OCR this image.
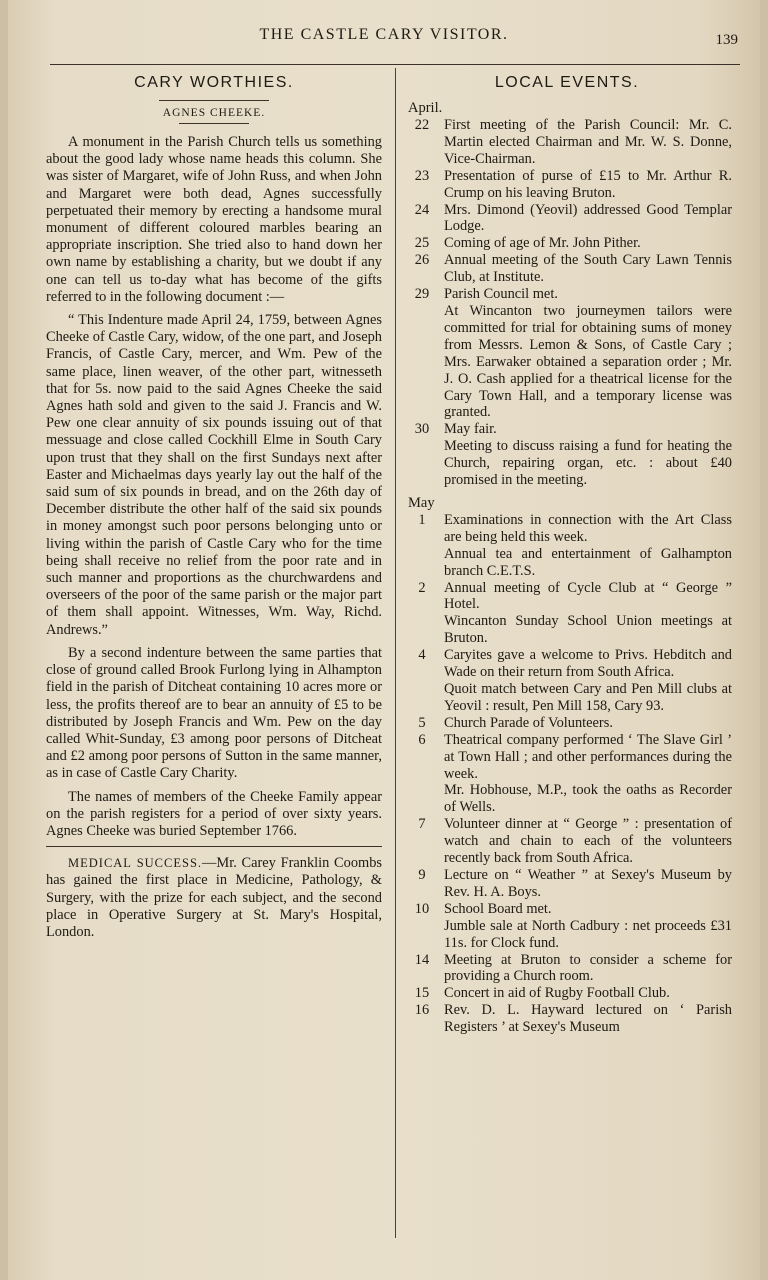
THE CASTLE CARY VISITOR.	139
CARY WORTHIES.
AGNES CHEEKE.

A monument in the Parish Church tells us something about the good lady whose name heads this column. She was sister of Margaret, wife of John Russ, and when John and Margaret were both dead, Agnes successfully perpetuated their memory by erecting a handsome mural monument of different coloured marbles bearing an appropriate inscription. She tried also to hand down her own name by establishing a charity, but we doubt if any one can tell us to-day what has become of the gifts referred to in the following document :—

“ This Indenture made April 24, 1759, between Agnes Cheeke of Castle Cary, widow, of the one part, and Joseph Francis, of Castle Cary, mercer, and Wm. Pew of the same place, linen weaver, of the other part, witnesseth that for 5s. now paid to the said Agnes Cheeke the said Agnes hath sold and given to the said J. Francis and W. Pew one clear annuity of six pounds issuing out of that messuage and close called Cockhill Elme in South Cary upon trust that they shall on the first Sundays next after Easter and Michaelmas days yearly lay out the half of the said sum of six pounds in bread, and on the 26th day of December distribute the other half of the said six pounds in money amongst such poor persons belonging unto or living within the parish of Castle Cary who for the time being shall receive no relief from the poor rate and in such manner and proportions as the churchwardens and overseers of the poor of the same parish or the major part of them shall appoint. Witnesses, Wm. Way, Richd. Andrews.”

By a second indenture between the same parties that close of ground called Brook Furlong lying in Alhampton field in the parish of Ditcheat containing 10 acres more or less, the profits thereof are to bear an annuity of £5 to be distributed by Joseph Francis and Wm. Pew on the day called Whit-Sunday, £3 among poor persons of Ditcheat and £2 among poor persons of Sutton in the same manner, as in case of Castle Cary Charity.

The names of members of the Cheeke Family appear on the parish registers for a period of over sixty years. Agnes Cheeke was buried September 1766.

MEDICAL SUCCESS.—Mr. Carey Franklin Coombs has gained the first place in Medicine, Pathology, & Surgery, with the prize for each subject, and the second place in Operative Surgery at St. Mary's Hospital, London.

LOCAL EVENTS.
April.
22	First meeting of the Parish Council: Mr. C. Martin elected Chairman and Mr. W. S. Donne, Vice-Chairman.
23	Presentation of purse of £15 to Mr. Arthur R. Crump on his leaving Bruton.
24	Mrs. Dimond (Yeovil) addressed Good Templar Lodge.
25	Coming of age of Mr. John Pither.
26	Annual meeting of the South Cary Lawn Tennis Club, at Institute.
29	Parish Council met.
At Wincanton two journeymen tailors were committed for trial for obtaining sums of money from Messrs. Lemon & Sons, of Castle Cary ; Mrs. Earwaker obtained a separation order ; Mr. J. O. Cash applied for a theatrical license for the Cary Town Hall, and a temporary license was granted.
30	May fair.
Meeting to discuss raising a fund for heating the Church, repairing organ, etc. : about £40 promised in the meeting.
May
1	Examinations in connection with the Art Class are being held this week.
Annual tea and entertainment of Galhampton branch C.E.T.S.
2	Annual meeting of Cycle Club at “ George ” Hotel.
Wincanton Sunday School Union meetings at Bruton.
4	Caryites gave a welcome to Privs. Hebditch and Wade on their return from South Africa.
Quoit match between Cary and Pen Mill clubs at Yeovil : result, Pen Mill 158, Cary 93.
5	Church Parade of Volunteers.
6	Theatrical company performed ‘ The Slave Girl ’ at Town Hall ; and other performances during the week.
Mr. Hobhouse, M.P., took the oaths as Recorder of Wells.
7	Volunteer dinner at “ George ” : presentation of watch and chain to each of the volunteers recently back from South Africa.
9	Lecture on “ Weather ” at Sexey's Museum by Rev. H. A. Boys.
10	School Board met.
Jumble sale at North Cadbury : net proceeds £31 11s. for Clock fund.
14	Meeting at Bruton to consider a scheme for providing a Church room.
15	Concert in aid of Rugby Football Club.
16	Rev. D. L. Hayward lectured on ‘ Parish Registers ’ at Sexey's Museum
